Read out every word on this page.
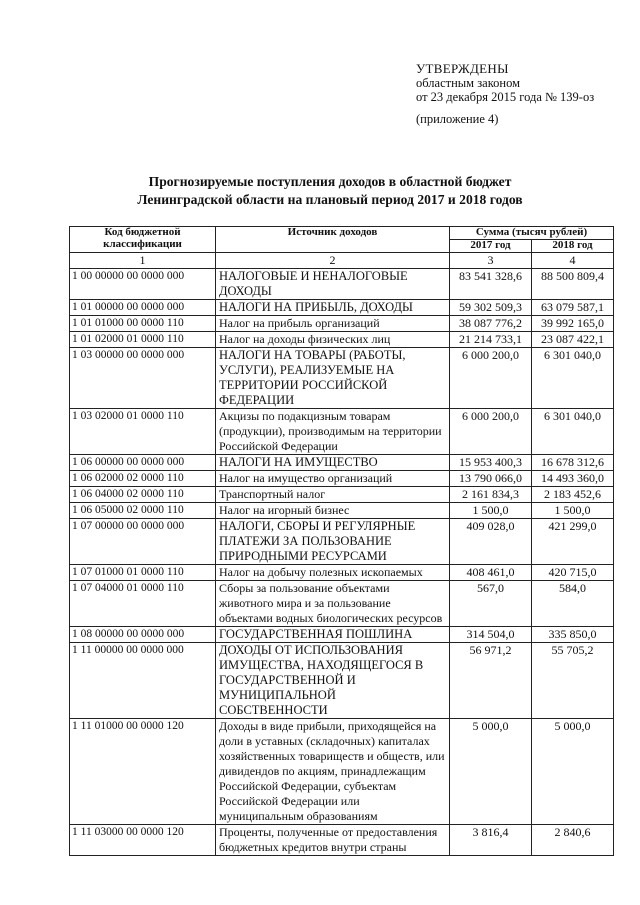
УТВЕРЖДЕНЫ
областным законом
от 23 декабря 2015 года № 139-оз
(приложение 4)
Прогнозируемые поступления доходов в областной бюджет
Ленинградской области на плановый период 2017 и 2018 годов
Код бюджетной классификации	Источник доходов	Сумма (тысяч рублей)	
		2017 год	2018 год
1	2	3	4
1 00 00000 00 0000 000	НАЛОГОВЫЕ И НЕНАЛОГОВЫЕ ДОХОДЫ	83 541 328,6	88 500 809,4
1 01 00000 00 0000 000	НАЛОГИ НА ПРИБЫЛЬ, ДОХОДЫ	59 302 509,3	63 079 587,1
1 01 01000 00 0000 110	Налог на прибыль организаций	38 087 776,2	39 992 165,0
1 01 02000 01 0000 110	Налог на доходы физических лиц	21 214 733,1	23 087 422,1
1 03 00000 00 0000 000	НАЛОГИ НА ТОВАРЫ (РАБОТЫ, УСЛУГИ), РЕАЛИЗУЕМЫЕ НА ТЕРРИТОРИИ РОССИЙСКОЙ ФЕДЕРАЦИИ	6 000 200,0	6 301 040,0
1 03 02000 01 0000 110	Акцизы по подакцизным товарам (продукции), производимым на территории Российской Федерации	6 000 200,0	6 301 040,0
1 06 00000 00 0000 000	НАЛОГИ НА ИМУЩЕСТВО	15 953 400,3	16 678 312,6
1 06 02000 02 0000 110	Налог на имущество организаций	13 790 066,0	14 493 360,0
1 06 04000 02 0000 110	Транспортный налог	2 161 834,3	2 183 452,6
1 06 05000 02 0000 110	Налог на игорный бизнес	1 500,0	1 500,0
1 07 00000 00 0000 000	НАЛОГИ, СБОРЫ И РЕГУЛЯРНЫЕ ПЛАТЕЖИ ЗА ПОЛЬЗОВАНИЕ ПРИРОДНЫМИ РЕСУРСАМИ	409 028,0	421 299,0
1 07 01000 01 0000 110	Налог на добычу полезных ископаемых	408 461,0	420 715,0
1 07 04000 01 0000 110	Сборы за пользование объектами животного мира и за пользование объектами водных биологических ресурсов	567,0	584,0
1 08 00000 00 0000 000	ГОСУДАРСТВЕННАЯ ПОШЛИНА	314 504,0	335 850,0
1 11 00000 00 0000 000	ДОХОДЫ ОТ ИСПОЛЬЗОВАНИЯ ИМУЩЕСТВА, НАХОДЯЩЕГОСЯ В ГОСУДАРСТВЕННОЙ И МУНИЦИПАЛЬНОЙ СОБСТВЕННОСТИ	56 971,2	55 705,2
1 11 01000 00 0000 120	Доходы в виде прибыли, приходящейся на доли в уставных (складочных) капиталах хозяйственных товариществ и обществ, или дивидендов по акциям, принадлежащим Российской Федерации, субъектам Российской Федерации или муниципальным образованиям	5 000,0	5 000,0
1 11 03000 00 0000 120	Проценты, полученные от предоставления бюджетных кредитов внутри страны	3 816,4	2 840,6
